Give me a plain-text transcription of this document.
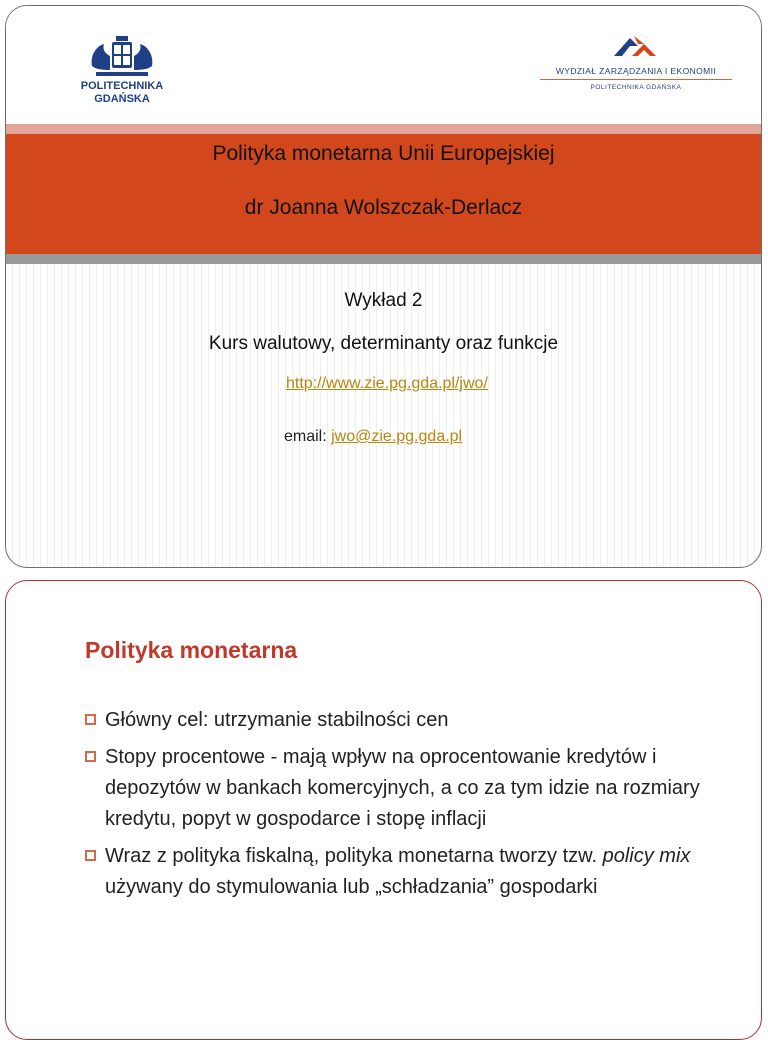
POLITECHNIKA
GDAŃSKA
WYDZIAŁ ZARZĄDZANIA I EKONOMII
POLITECHNIKA GDAŃSKA
Polityka monetarna Unii Europejskiej
dr Joanna Wolszczak-Derlacz
Wykład 2
Kurs walutowy, determinanty oraz funkcje
http://www.zie.pg.gda.pl/jwo/
email: jwo@zie.pg.gda.pl
Polityka monetarna
Główny cel: utrzymanie stabilności cen
Stopy procentowe - mają wpływ na oprocentowanie kredytów i depozytów w bankach komercyjnych, a co za tym idzie na rozmiary kredytu, popyt w gospodarce i stopę inflacji
Wraz z polityka fiskalną, polityka monetarna tworzy tzw. policy mix używany do stymulowania lub „schładzania” gospodarki
